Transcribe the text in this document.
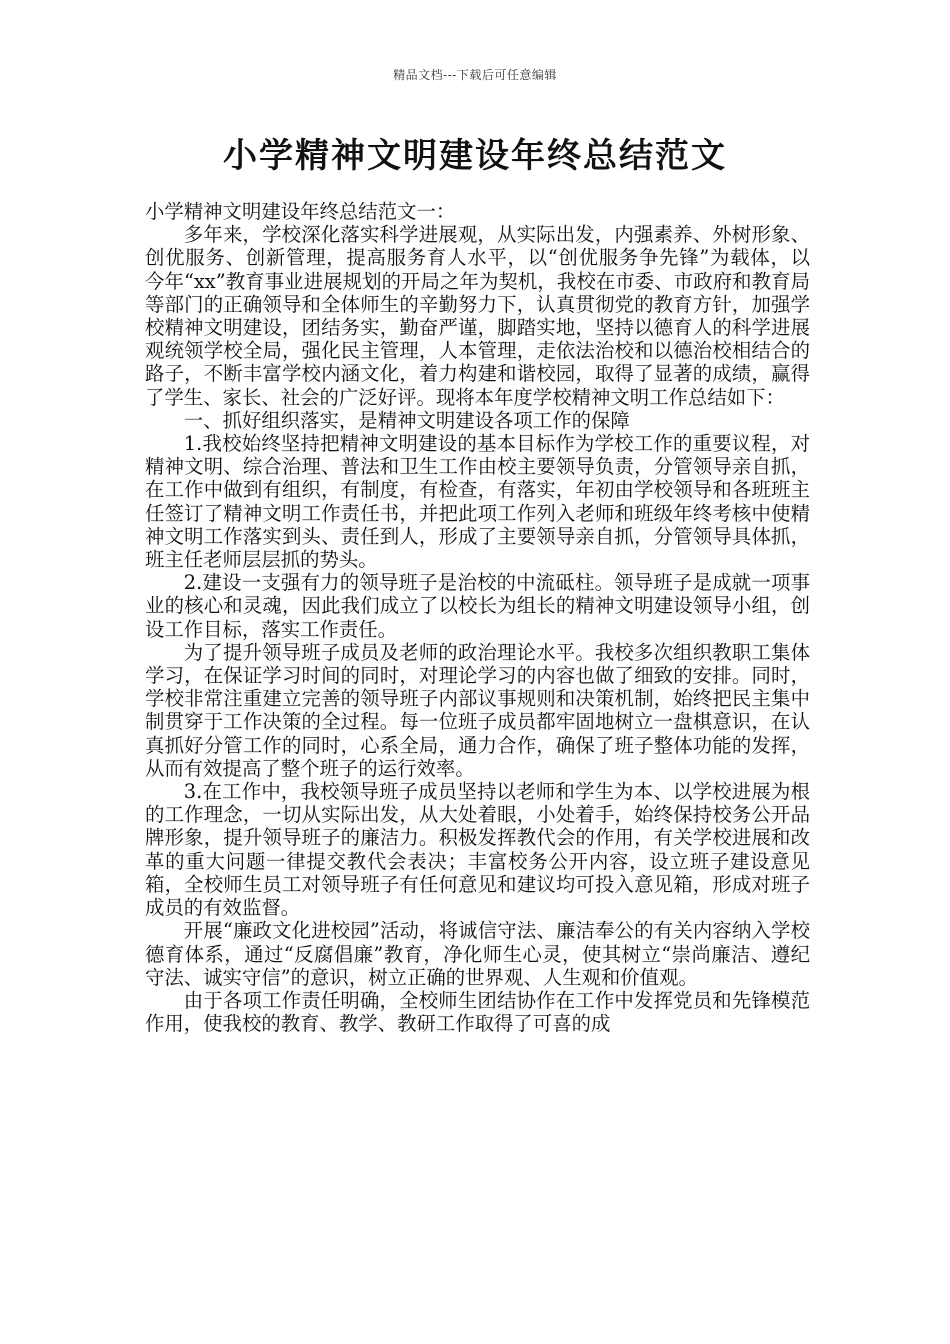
精品文档---下载后可任意编辑
小学精神文明建设年终总结范文

小学精神文明建设年终总结范文一：

多年来，学校深化落实科学进展观，从实际出发，内强素养、外树形象、创优服务、创新管理，提高服务育人水平，以“创优服务争先锋”为载体，以 今年“xx”教育事业进展规划的开局之年为契机，我校在市委、市政府和教育局等部门的正确领导和全体师生的辛勤努力下，认真贯彻党的教育方针，加强学校精神文明建设，团结务实，勤奋严谨，脚踏实地，坚持以德育人的科学进展观统领学校全局，强化民主管理，人本管理，走依法治校和以德治校相结合的路子，不断丰富学校内涵文化，着力构建和谐校园，取得了显著的成绩，赢得了学生、家长、社会的广泛好评。现将本年度学校精神文明工作总结如下：

一、抓好组织落实，是精神文明建设各项工作的保障

1.我校始终坚持把精神文明建设的基本目标作为学校工作的重要议程，对精神文明、综合治理、普法和卫生工作由校主要领导负责，分管领导亲自抓，在工作中做到有组织，有制度，有检查，有落实，年初由学校领导和各班班主任签订了精神文明工作责任书，并把此项工作列入老师和班级年终考核中使精神文明工作落实到头、责任到人，形成了主要领导亲自抓，分管领导具体抓，班主任老师层层抓的势头。

2.建设一支强有力的领导班子是治校的中流砥柱。领导班子是成就一项事业的核心和灵魂，因此我们成立了以校长为组长的精神文明建设领导小组，创设工作目标，落实工作责任。

为了提升领导班子成员及老师的政治理论水平。我校多次组织教职工集体学习，在保证学习时间的同时，对理论学习的内容也做了细致的安排。同时，学校非常注重建立完善的领导班子内部议事规则和决策机制，始终把民主集中制贯穿于工作决策的全过程。每一位班子成员都牢固地树立一盘棋意识，在认真抓好分管工作的同时，心系全局，通力合作，确保了班子整体功能的发挥，从而有效提高了整个班子的运行效率。

3.在工作中，我校领导班子成员坚持以老师和学生为本、以学校进展为根的工作理念，一切从实际出发，从大处着眼，小处着手，始终保持校务公开品牌形象，提升领导班子的廉洁力。积极发挥教代会的作用，有关学校进展和改革的重大问题一律提交教代会表决；丰富校务公开内容，设立班子建设意见箱，全校师生员工对领导班子有任何意见和建议均可投入意见箱，形成对班子成员的有效监督。

开展“廉政文化进校园”活动，将诚信守法、廉洁奉公的有关内容纳入学校德育体系，通过“反腐倡廉”教育，净化师生心灵，使其树立“崇尚廉洁、遵纪守法、诚实守信”的意识，树立正确的世界观、人生观和价值观。

由于各项工作责任明确，全校师生团结协作在工作中发挥党员和先锋模范作用，使我校的教育、教学、教研工作取得了可喜的成
